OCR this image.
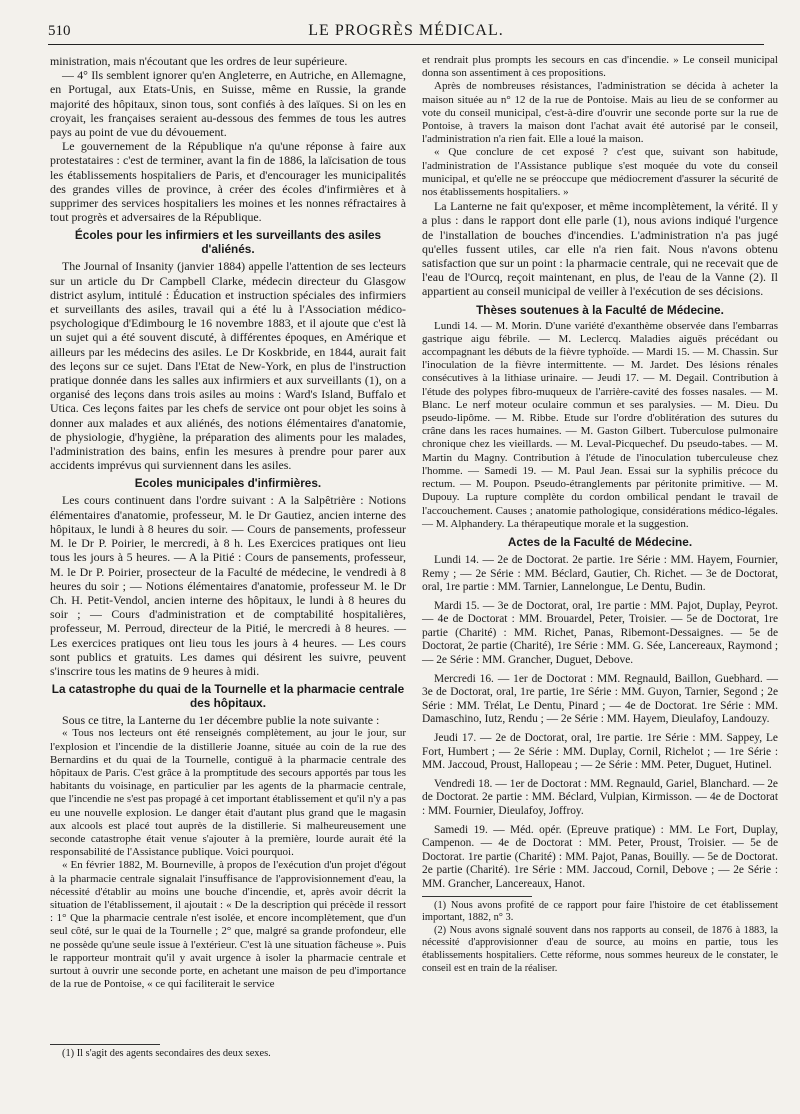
510	LE PROGRÈS MÉDICAL.

ministration, mais n'écoutant que les ordres de leur supérieure.

— 4° Ils semblent ignorer qu'en Angleterre, en Autriche, en Allemagne, en Portugal, aux Etats-Unis, en Suisse, même en Russie, la grande majorité des hôpitaux, sinon tous, sont confiés à des laïques. Si on les en croyait, les françaises seraient au-dessous des femmes de tous les autres pays au point de vue du dévouement.

Le gouvernement de la République n'a qu'une réponse à faire aux protestataires : c'est de terminer, avant la fin de 1886, la laïcisation de tous les établissements hospitaliers de Paris, et d'encourager les municipalités des grandes villes de province, à créer des écoles d'infirmières et à supprimer des services hospitaliers les moines et les nonnes réfractaires à tout progrès et adversaires de la République.

Écoles pour les infirmiers et les surveillants des asiles d'aliénés.

The Journal of Insanity (janvier 1884) appelle l'attention de ses lecteurs sur un article du Dr Campbell Clarke, médecin directeur du Glasgow district asylum, intitulé : Éducation et instruction spéciales des infirmiers et surveillants des asiles, travail qui a été lu à l'Association médico-psychologique d'Edimbourg le 16 novembre 1883, et il ajoute que c'est là un sujet qui a été souvent discuté, à différentes époques, en Amérique et ailleurs par les médecins des asiles. Le Dr Koskbride, en 1844, aurait fait des leçons sur ce sujet. Dans l'Etat de New-York, en plus de l'instruction pratique donnée dans les salles aux infirmiers et aux surveillants (1), on a organisé des leçons dans trois asiles au moins : Ward's Island, Buffalo et Utica. Ces leçons faites par les chefs de service ont pour objet les soins à donner aux malades et aux aliénés, des notions élémentaires d'anatomie, de physiologie, d'hygiène, la préparation des aliments pour les malades, l'administration des bains, enfin les mesures à prendre pour parer aux accidents imprévus qui surviennent dans les asiles.

Ecoles municipales d'infirmières.

Les cours continuent dans l'ordre suivant : A la Salpêtrière : Notions élémentaires d'anatomie, professeur, M. le Dr Gautiez, ancien interne des hôpitaux, le lundi à 8 heures du soir. — Cours de pansements, professeur M. le Dr P. Poirier, le mercredi, à 8 h. Les Exercices pratiques ont lieu tous les jours à 5 heures. — A la Pitié : Cours de pansements, professeur, M. le Dr P. Poirier, prosecteur de la Faculté de médecine, le vendredi à 8 heures du soir ; — Notions élémentaires d'anatomie, professeur M. le Dr Ch. H. Petit-Vendol, ancien interne des hôpitaux, le lundi à 8 heures du soir ; — Cours d'administration et de comptabilité hospitalières, professeur, M. Perroud, directeur de la Pitié, le mercredi à 8 heures. — Les exercices pratiques ont lieu tous les jours à 4 heures. — Les cours sont publics et gratuits. Les dames qui désirent les suivre, peuvent s'inscrire tous les matins de 9 heures à midi.

La catastrophe du quai de la Tournelle et la pharmacie centrale des hôpitaux.

Sous ce titre, la Lanterne du 1er décembre publie la note suivante :

« Tous nos lecteurs ont été renseignés complètement, au jour le jour, sur l'explosion et l'incendie de la distillerie Joanne, située au coin de la rue des Bernardins et du quai de la Tournelle, contiguë à la pharmacie centrale des hôpitaux de Paris. C'est grâce à la promptitude des secours apportés par tous les habitants du voisinage, en particulier par les agents de la pharmacie centrale, que l'incendie ne s'est pas propagé à cet important établissement et qu'il n'y a pas eu une nouvelle explosion. Le danger était d'autant plus grand que le magasin aux alcools est placé tout auprès de la distillerie. Si malheureusement une seconde catastrophe était venue s'ajouter à la première, lourde aurait été la responsabilité de l'Assistance publique. Voici pourquoi.

« En février 1882, M. Bourneville, à propos de l'exécution d'un projet d'égout à la pharmacie centrale signalait l'insuffisance de l'approvisionnement d'eau, la nécessité d'établir au moins une bouche d'incendie, et, après avoir décrit la situation de l'établissement, il ajoutait : « De la description qui précède il ressort : 1° Que la pharmacie centrale n'est isolée, et encore incomplètement, que d'un seul côté, sur le quai de la Tournelle ; 2° que, malgré sa grande profondeur, elle ne possède qu'une seule issue à l'extérieur. C'est là une situation fâcheuse ». Puis le rapporteur montrait qu'il y avait urgence à isoler la pharmacie centrale et surtout à ouvrir une seconde porte, en achetant une maison de peu d'importance de la rue de Pontoise, « ce qui faciliterait le service

(1) Il s'agit des agents secondaires des deux sexes.

et rendrait plus prompts les secours en cas d'incendie. » Le conseil municipal donna son assentiment à ces propositions.

Après de nombreuses résistances, l'administration se décida à acheter la maison située au n° 12 de la rue de Pontoise. Mais au lieu de se conformer au vote du conseil municipal, c'est-à-dire d'ouvrir une seconde porte sur la rue de Pontoise, à travers la maison dont l'achat avait été autorisé par le conseil, l'administration n'a rien fait. Elle a loué la maison.

« Que conclure de cet exposé ? c'est que, suivant son habitude, l'administration de l'Assistance publique s'est moquée du vote du conseil municipal, et qu'elle ne se préoccupe que médiocrement d'assurer la sécurité de nos établissements hospitaliers. »

La Lanterne ne fait qu'exposer, et même incomplètement, la vérité. Il y a plus : dans le rapport dont elle parle (1), nous avions indiqué l'urgence de l'installation de bouches d'incendies. L'administration n'a pas jugé qu'elles fussent utiles, car elle n'a rien fait. Nous n'avons obtenu satisfaction que sur un point : la pharmacie centrale, qui ne recevait que de l'eau de l'Ourcq, reçoit maintenant, en plus, de l'eau de la Vanne (2). Il appartient au conseil municipal de veiller à l'exécution de ses décisions.

Thèses soutenues à la Faculté de Médecine.

Lundi 14. — M. Morin. D'une variété d'exanthème observée dans l'embarras gastrique aigu fébrile. — M. Leclercq. Maladies aiguës précédant ou accompagnant les débuts de la fièvre typhoïde. — Mardi 15. — M. Chassin. Sur l'inoculation de la fièvre intermittente. — M. Jardet. Des lésions rénales consécutives à la lithiase urinaire. — Jeudi 17. — M. Degail. Contribution à l'étude des polypes fibro-muqueux de l'arrière-cavité des fosses nasales. — M. Blanc. Le nerf moteur oculaire commun et ses paralysies. — M. Dieu. Du pseudo-lipôme. — M. Ribbe. Etude sur l'ordre d'oblitération des sutures du crâne dans les races humaines. — M. Gaston Gilbert. Tuberculose pulmonaire chronique chez les vieillards. — M. Leval-Picquechef. Du pseudo-tabes. — M. Martin du Magny. Contribution à l'étude de l'inoculation tuberculeuse chez l'homme. — Samedi 19. — M. Paul Jean. Essai sur la syphilis précoce du rectum. — M. Poupon. Pseudo-étranglements par péritonite primitive. — M. Dupouy. La rupture complète du cordon ombilical pendant le travail de l'accouchement. Causes ; anatomie pathologique, considérations médico-légales. — M. Alphandery. La thérapeutique morale et la suggestion.

Actes de la Faculté de Médecine.

Lundi 14. — 2e de Doctorat. 2e partie. 1re Série : MM. Hayem, Fournier, Remy ; — 2e Série : MM. Béclard, Gautier, Ch. Richet. — 3e de Doctorat, oral, 1re partie : MM. Tarnier, Lannelongue, Le Dentu, Budin.

Mardi 15. — 3e de Doctorat, oral, 1re partie : MM. Pajot, Duplay, Peyrot. — 4e de Doctorat : MM. Brouardel, Peter, Troisier. — 5e de Doctorat, 1re partie (Charité) : MM. Richet, Panas, Ribemont-Dessaignes. — 5e de Doctorat, 2e partie (Charité), 1re Série : MM. G. Sée, Lancereaux, Raymond ; — 2e Série : MM. Grancher, Duguet, Debove.

Mercredi 16. — 1er de Doctorat : MM. Regnauld, Baillon, Guebhard. — 3e de Doctorat, oral, 1re partie, 1re Série : MM. Guyon, Tarnier, Segond ; 2e Série : MM. Trélat, Le Dentu, Pinard ; — 4e de Doctorat. 1re Série : MM. Damaschino, Iutz, Rendu ; — 2e Série : MM. Hayem, Dieulafoy, Landouzy.

Jeudi 17. — 2e de Doctorat, oral, 1re partie. 1re Série : MM. Sappey, Le Fort, Humbert ; — 2e Série : MM. Duplay, Cornil, Richelot ; — 1re Série : MM. Jaccoud, Proust, Hallopeau ; — 2e Série : MM. Peter, Duguet, Hutinel.

Vendredi 18. — 1er de Doctorat : MM. Regnauld, Gariel, Blanchard. — 2e de Doctorat. 2e partie : MM. Béclard, Vulpian, Kirmisson. — 4e de Doctorat : MM. Fournier, Dieulafoy, Joffroy.

Samedi 19. — Méd. opér. (Epreuve pratique) : MM. Le Fort, Duplay, Campenon. — 4e de Doctorat : MM. Peter, Proust, Troisier. — 5e de Doctorat. 1re partie (Charité) : MM. Pajot, Panas, Bouilly. — 5e de Doctorat. 2e partie (Charité). 1re Série : MM. Jaccoud, Cornil, Debove ; — 2e Série : MM. Grancher, Lancereaux, Hanot.

(1) Nous avons profité de ce rapport pour faire l'histoire de cet établissement important, 1882, n° 3.

(2) Nous avons signalé souvent dans nos rapports au conseil, de 1876 à 1883, la nécessité d'approvisionner d'eau de source, au moins en partie, tous les établissements hospitaliers. Cette réforme, nous sommes heureux de le constater, le conseil est en train de la réaliser.
